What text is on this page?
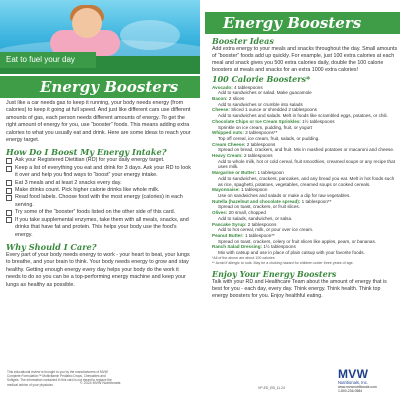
Eat to fuel your day
Energy Boosters

Just like a car needs gas to keep it running, your body needs energy (from calories) to keep it going at full speed. And just like different cars use different amounts of gas, each person needs different amounts of energy. To get the right amount of energy for you, use “booster” foods. This means adding extra calories to what you usually eat and drink. Here are some ideas to reach your energy target.

How Do I Boost My Energy Intake?
Ask your Registered Dietitian (RD) for your daily energy target.
Keep a list of everything you eat and drink for 3 days. Ask your RD to look it over and help you find ways to “boost” your energy intake.
Eat 3 meals and at least 2 snacks every day.
Make drinks count. Pick higher calorie drinks like whole milk.
Read food labels. Choose food with the most energy (calories) in each serving.
Try some of the “booster” foods listed on the other side of this card.
If you take supplemental enzymes, take them with all meals, snacks, and drinks that have fat and protein. This helps your body use the food’s energy.
Why Should I Care?

Every part of your body needs energy to work - your heart to beat, your lungs to breathe, and your brain to think. Your body needs energy to grow and stay healthy. Getting enough energy every day helps your body do the work it needs to do so you can be a top-performing energy machine and keep your lungs as healthy as possible.

© 2024 MVW Nutritionals
Energy Boosters
Booster Ideas

Add extra energy to your meals and snacks throughout the day. Small amounts of “booster” foods add up quickly. For example, just 100 extra calories at each meal and snack gives you 500 extra calories daily, double the 100 calorie boosters at meals and snacks for an extra 1000 extra calories!

100 Calorie Boosters*
Avocado: 4 tablespoons
Add to sandwiches or salad. Make guacamole
Bacon: 2 slices
Add to sandwiches or crumble into salads
Cheese: Sliced 1 ounce or shredded 2 tablespoons
Add to sandwiches and salads. Melt in foods like scrambled eggs, potatoes, or chili.
Chocolate Chips or Ice Cream Sprinkles: 1½ tablespoons
Sprinkle on ice cream, pudding, fruit, or yogurt
Whipped nuts: 2 tablespoons**
Top off cereal, ice cream, fruit, salads, or pudding.
Cream Cheese: 2 tablespoons
Spread on bread, crackers, and fruit. Mix in mashed potatoes or macaroni and cheese.
Heavy Cream: 2 tablespoons
Add to whole milk, hot or cold cereal, fruit smoothies, creamed soups or any recipe that uses milk.
Margarine or Butter: 1 tablespoon
Add to sandwiches, crackers, pancakes, and any bread you eat. Melt in hot foods such as rice, spaghetti, potatoes, vegetables, creamed soups or cooked cereals.
Mayonnaise: 1 tablespoon
Use on sandwiches and salads or make a dip for raw vegetables.
Nutella (hazelnut and chocolate spread): 1 tablespoon**
Spread on toast, crackers, or fruit slices.
Olives: 20 small, chopped
Add to salads, sandwiches, or salsa.
Pancake Syrup: 2 tablespoons
Add to hot cereal, milk, or pour over ice cream.
Peanut Butter: 1 tablespoon**
Spread on toast, crackers, celery or fruit slices like apples, pears, or bananas.
Ranch Salad Dressing: 1½ tablespoons
Mix with catsup and use in place of plain catsup with your favorite foods.
*All of the above are about 100 calories
** Avoid if allergic to nuts. May be a choking hazard for children under three years of age.
Enjoy Your Energy Boosters

Talk with your RD and Healthcare Team about the amount of energy that is best for you - each day, every day. Think energy. Think health. Think top energy boosters for you. Enjoy healthful eating.

This educational review is brought to you by the manufacturers of MVW Complete Formulation™ Multivitamin Pediatric Drops, Chewables and Softgels. The information contained in this card is not meant to replace the medical advice of your physician.
VP-ED_EB_11.24
MVW
Nutritionals, Inc.
www.mvwnutritionals.com
1-800-236-0584
